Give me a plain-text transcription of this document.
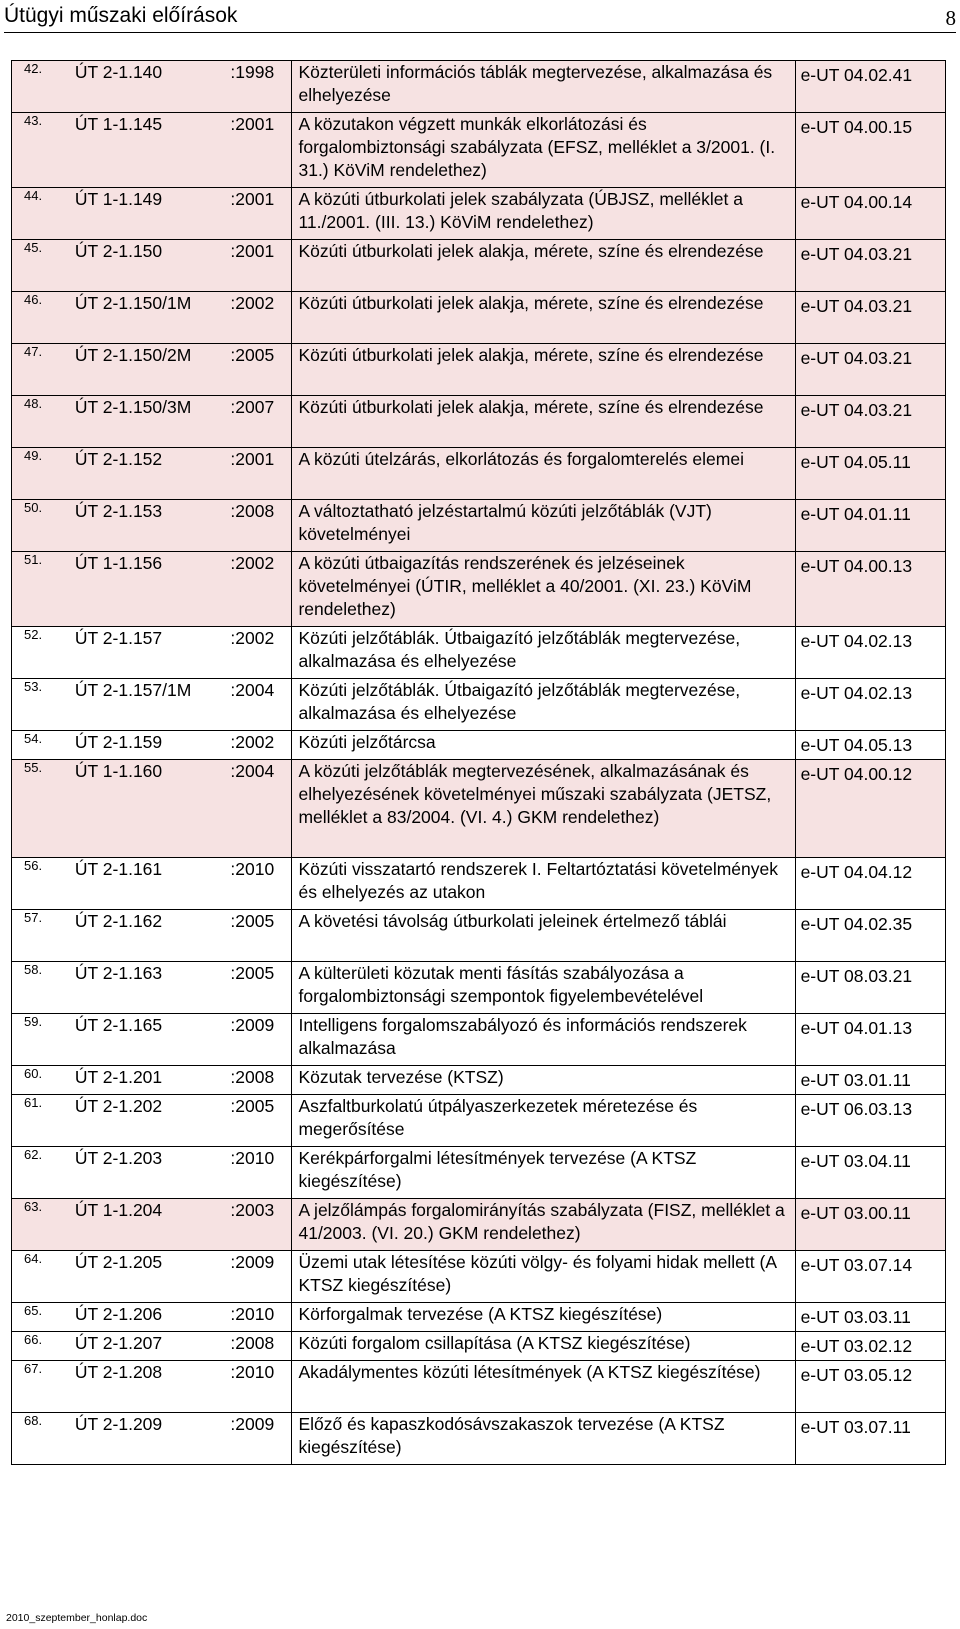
Útügyi műszaki előírások	8
42.	ÚT 2-1.140	:1998	Közterületi információs táblák megtervezése, alkalmazása és elhelyezése	e-UT 04.02.41
43.	ÚT 1-1.145	:2001	A közutakon végzett munkák elkorlátozási és forgalombiztonsági szabályzata (EFSZ, melléklet a 3/2001. (I. 31.) KöViM rendelethez)	e-UT 04.00.15
44.	ÚT 1-1.149	:2001	A közúti útburkolati jelek szabályzata (ÚBJSZ, melléklet a 11./2001. (III. 13.) KöViM rendelethez)	e-UT 04.00.14
45.	ÚT 2-1.150	:2001	Közúti útburkolati jelek alakja, mérete, színe és elrendezése	e-UT 04.03.21
46.	ÚT 2-1.150/1M	:2002	Közúti útburkolati jelek alakja, mérete, színe és elrendezése	e-UT 04.03.21
47.	ÚT 2-1.150/2M	:2005	Közúti útburkolati jelek alakja, mérete, színe és elrendezése	e-UT 04.03.21
48.	ÚT 2-1.150/3M	:2007	Közúti útburkolati jelek alakja, mérete, színe és elrendezése	e-UT 04.03.21
49.	ÚT 2-1.152	:2001	A közúti útelzárás, elkorlátozás és forgalomterelés elemei	e-UT 04.05.11
50.	ÚT 2-1.153	:2008	A változtatható jelzéstartalmú közúti jelzőtáblák (VJT) követelményei	e-UT 04.01.11
51.	ÚT 1-1.156	:2002	A közúti útbaigazítás rendszerének és jelzéseinek követelményei (ÚTIR, melléklet a 40/2001. (XI. 23.) KöViM rendelethez)	e-UT 04.00.13
52.	ÚT 2-1.157	:2002	Közúti jelzőtáblák. Útbaigazító jelzőtáblák megtervezése, alkalmazása és elhelyezése	e-UT 04.02.13
53.	ÚT 2-1.157/1M	:2004	Közúti jelzőtáblák. Útbaigazító jelzőtáblák megtervezése, alkalmazása és elhelyezése	e-UT 04.02.13
54.	ÚT 2-1.159	:2002	Közúti jelzőtárcsa	e-UT 04.05.13
55.	ÚT 1-1.160	:2004	A közúti jelzőtáblák megtervezésének, alkalmazásának és elhelyezésének követelményei műszaki szabályzata (JETSZ, melléklet a 83/2004. (VI. 4.) GKM rendelethez)	e-UT 04.00.12
56.	ÚT 2-1.161	:2010	Közúti visszatartó rendszerek I. Feltartóztatási követelmények és elhelyezés az utakon	e-UT 04.04.12
57.	ÚT 2-1.162	:2005	A követési távolság útburkolati jeleinek értelmező táblái	e-UT 04.02.35
58.	ÚT 2-1.163	:2005	A külterületi közutak menti fásítás szabályozása a forgalombiztonsági szempontok figyelembevételével	e-UT 08.03.21
59.	ÚT 2-1.165	:2009	Intelligens forgalomszabályozó és információs rendszerek alkalmazása	e-UT 04.01.13
60.	ÚT 2-1.201	:2008	Közutak tervezése (KTSZ)	e-UT 03.01.11
61.	ÚT 2-1.202	:2005	Aszfaltburkolatú útpályaszerkezetek méretezése és megerősítése	e-UT 06.03.13
62.	ÚT 2-1.203	:2010	Kerékpárforgalmi létesítmények tervezése (A KTSZ kiegészítése)	e-UT 03.04.11
63.	ÚT 1-1.204	:2003	A jelzőlámpás forgalomirányítás szabályzata (FISZ, melléklet a 41/2003. (VI. 20.) GKM rendelethez)	e-UT 03.00.11
64.	ÚT 2-1.205	:2009	Üzemi utak létesítése közúti völgy- és folyami hidak mellett (A KTSZ kiegészítése)	e-UT 03.07.14
65.	ÚT 2-1.206	:2010	Körforgalmak tervezése (A KTSZ kiegészítése)	e-UT 03.03.11
66.	ÚT 2-1.207	:2008	Közúti forgalom csillapítása (A KTSZ kiegészítése)	e-UT 03.02.12
67.	ÚT 2-1.208	:2010	Akadálymentes közúti létesítmények (A KTSZ kiegészítése)	e-UT 03.05.12
68.	ÚT 2-1.209	:2009	Előző és kapaszkodósávszakaszok tervezése (A KTSZ kiegészítése)	e-UT 03.07.11
2010_szeptember_honlap.doc
